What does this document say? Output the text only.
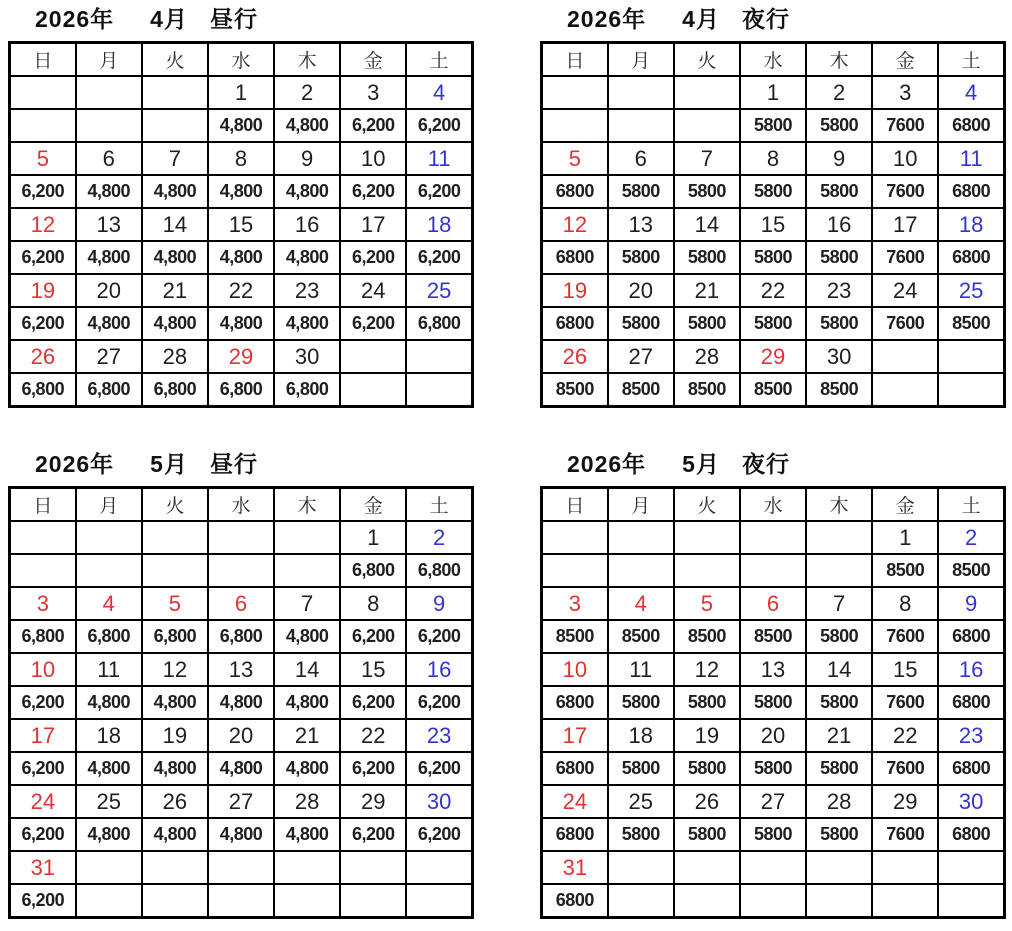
2026年 4月 昼行
日	月	火	水	木	金	土
			1	2	3	4
			4,800	4,800	6,200	6,200
5	6	7	8	9	10	11
6,200	4,800	4,800	4,800	4,800	6,200	6,200
12	13	14	15	16	17	18
6,200	4,800	4,800	4,800	4,800	6,200	6,200
19	20	21	22	23	24	25
6,200	4,800	4,800	4,800	4,800	6,200	6,800
26	27	28	29	30		
6,800	6,800	6,800	6,800	6,800		
2026年 4月 夜行
日	月	火	水	木	金	土
			1	2	3	4
			5800	5800	7600	6800
5	6	7	8	9	10	11
6800	5800	5800	5800	5800	7600	6800
12	13	14	15	16	17	18
6800	5800	5800	5800	5800	7600	6800
19	20	21	22	23	24	25
6800	5800	5800	5800	5800	7600	8500
26	27	28	29	30		
8500	8500	8500	8500	8500		
2026年 5月 昼行
日	月	火	水	木	金	土
					1	2
					6,800	6,800
3	4	5	6	7	8	9
6,800	6,800	6,800	6,800	4,800	6,200	6,200
10	11	12	13	14	15	16
6,200	4,800	4,800	4,800	4,800	6,200	6,200
17	18	19	20	21	22	23
6,200	4,800	4,800	4,800	4,800	6,200	6,200
24	25	26	27	28	29	30
6,200	4,800	4,800	4,800	4,800	6,200	6,200
31						
6,200						
2026年 5月 夜行
日	月	火	水	木	金	土
					1	2
					8500	8500
3	4	5	6	7	8	9
8500	8500	8500	8500	5800	7600	6800
10	11	12	13	14	15	16
6800	5800	5800	5800	5800	7600	6800
17	18	19	20	21	22	23
6800	5800	5800	5800	5800	7600	6800
24	25	26	27	28	29	30
6800	5800	5800	5800	5800	7600	6800
31						
6800						
